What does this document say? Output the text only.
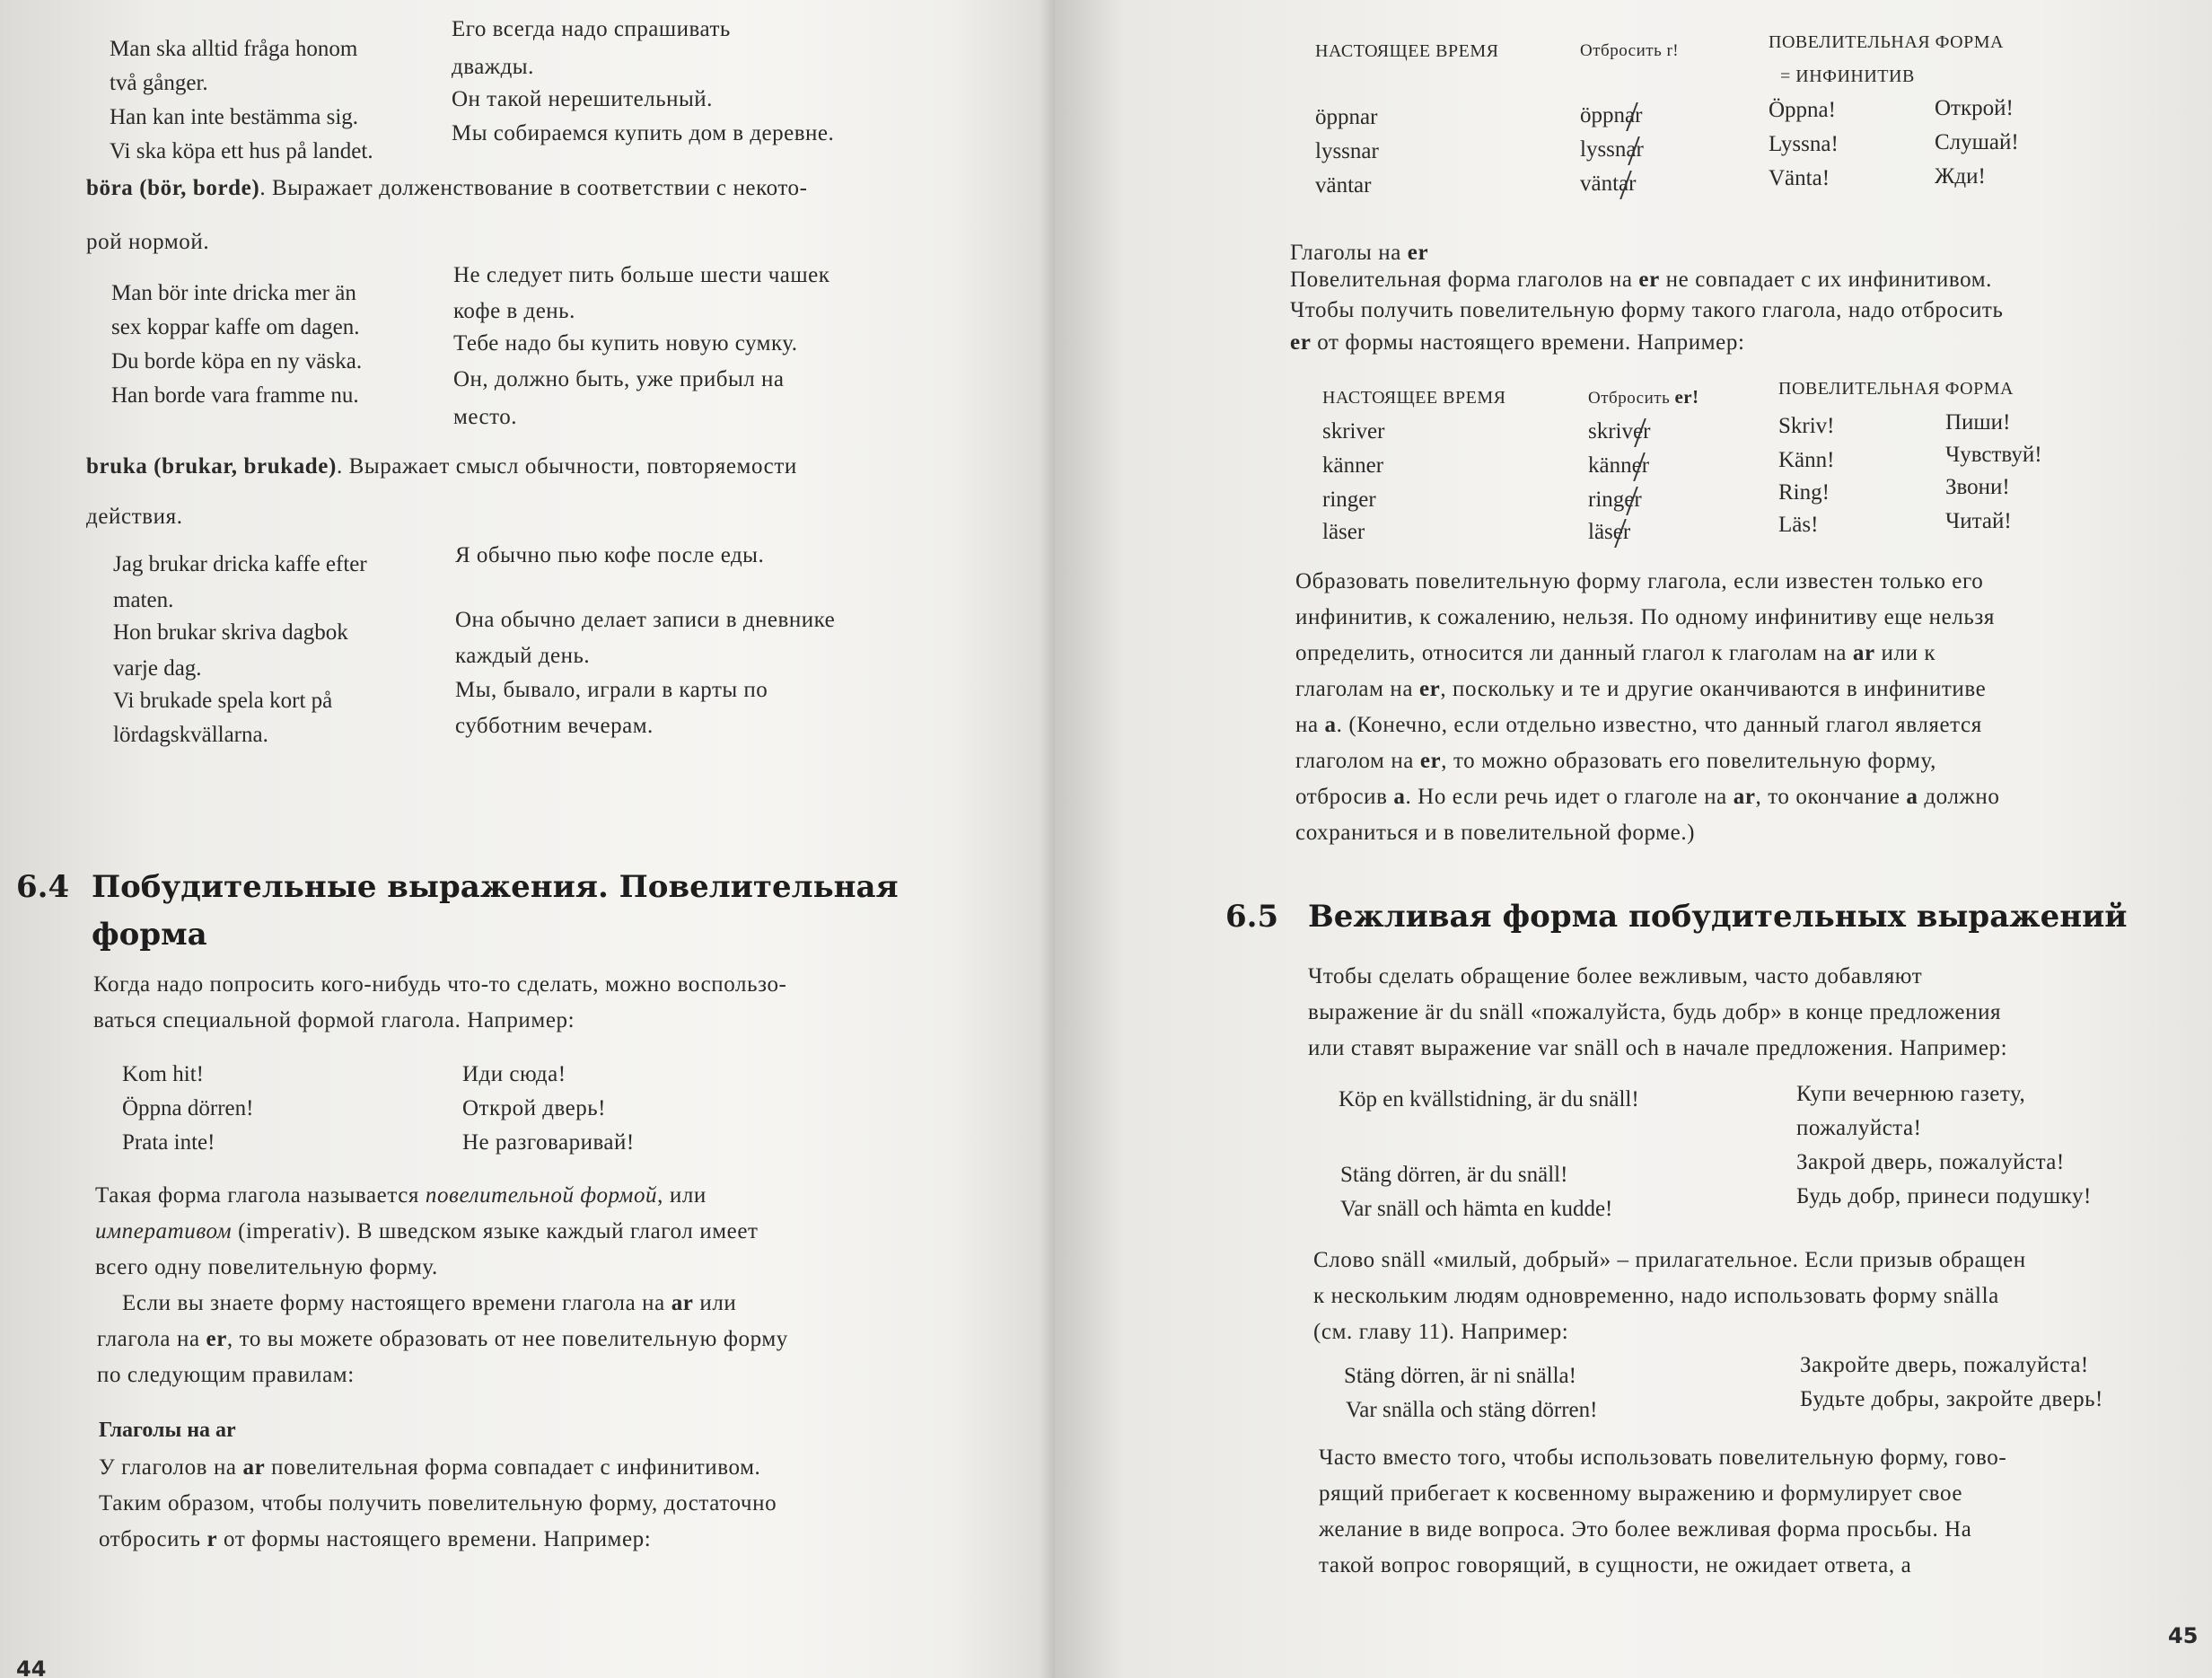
Man ska alltid fråga honom
två gånger.
Его всегда надо спрашивать
дважды.
Han kan inte bestämma sig.
Он такой нерешительный.
Vi ska köpa ett hus på landet.
Мы собираемся купить дом в деревне.
böra (bör, borde). Выражает долженствование в соответствии с некото-
рой нормой.
Man bör inte dricka mer än
sex koppar kaffe om dagen.
Не следует пить больше шести чашек
кофе в день.
Du borde köpa en ny väska.
Тебе надо бы купить новую сумку.
Han borde vara framme nu.
Он, должно быть, уже прибыл на
место.
bruka (brukar, brukade). Выражает смысл обычности, повторяемости
действия.
Jag brukar dricka kaffe efter
maten.
Я обычно пью кофе после еды.
Hon brukar skriva dagbok
varje dag.
Она обычно делает записи в дневнике
каждый день.
Vi brukade spela kort på
lördagskvällarna.
Мы, бывало, играли в карты по
субботним вечерам.
6.4 Побудительные выражения. Повелительная
форма
Когда надо попросить кого-нибудь что-то сделать, можно воспользо-
ваться специальной формой глагола. Например:
Kom hit!	Иди сюда!
Öppna dörren!	Открой дверь!
Prata inte!	Не разговаривай!
Такая форма глагола называется повелительной формой, или
императивом (imperativ). В шведском языке каждый глагол имеет
всего одну повелительную форму.
Если вы знаете форму настоящего времени глагола на ar или
глагола на er, то вы можете образовать от нее повелительную форму
по следующим правилам:
Глаголы на ar
У глаголов на ar повелительная форма совпадает с инфинитивом.
Таким образом, чтобы получить повелительную форму, достаточно
отбросить r от формы настоящего времени. Например:
44
НАСТОЯЩЕЕ ВРЕМЯ	Отбросить r!	ПОВЕЛИТЕЛЬНАЯ ФОРМА
= ИНФИНИТИВ
öppnar	öppnar	Öppna!	Открой!
lyssnar	lyssnar	Lyssna!	Слушай!
väntar	väntar	Vänta!	Жди!
Глаголы на er
Повелительная форма глаголов на er не совпадает с их инфинитивом.
Чтобы получить повелительную форму такого глагола, надо отбросить
er от формы настоящего времени. Например:
НАСТОЯЩЕЕ ВРЕМЯ	Отбросить er!	ПОВЕЛИТЕЛЬНАЯ ФОРМА
skriver	skriver	Skriv!	Пиши!
känner	känner	Känn!	Чувствуй!
ringer	ringer	Ring!	Звони!
läser	läser	Läs!	Читай!
Образовать повелительную форму глагола, если известен только его
инфинитив, к сожалению, нельзя. По одному инфинитиву еще нельзя
определить, относится ли данный глагол к глаголам на ar или к
глаголам на er, поскольку и те и другие оканчиваются в инфинитиве
на a. (Конечно, если отдельно известно, что данный глагол является
глаголом на er, то можно образовать его повелительную форму,
отбросив a. Но если речь идет о глаголе на ar, то окончание a должно
сохраниться и в повелительной форме.)
6.5 Вежливая форма побудительных выражений
Чтобы сделать обращение более вежливым, часто добавляют
выражение är du snäll «пожалуйста, будь добр» в конце предложения
или ставят выражение var snäll och в начале предложения. Например:
Köp en kvällstidning, är du snäll!	Купи вечернюю газету,
пожалуйста!
Stäng dörren, är du snäll!
Закрой дверь, пожалуйста!
Var snäll och hämta en kudde!
Будь добр, принеси подушку!
Слово snäll «милый, добрый» – прилагательное. Если призыв обращен
к нескольким людям одновременно, надо использовать форму snälla
(см. главу 11). Например:
Stäng dörren, är ni snälla!	Закройте дверь, пожалуйста!
Var snälla och stäng dörren!	Будьте добры, закройте дверь!
Часто вместо того, чтобы использовать повелительную форму, гово-
рящий прибегает к косвенному выражению и формулирует свое
желание в виде вопроса. Это более вежливая форма просьбы. На
такой вопрос говорящий, в сущности, не ожидает ответа, а
45
